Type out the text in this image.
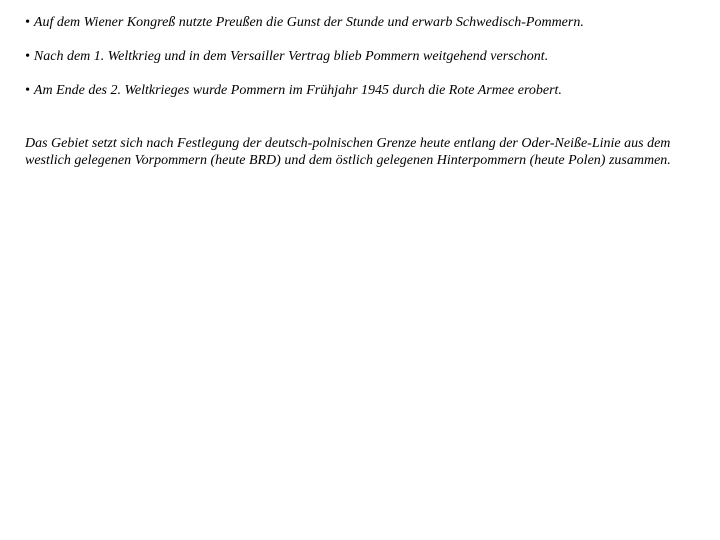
• Auf dem Wiener Kongreß nutzte Preußen die Gunst der Stunde und erwarb Schwedisch-Pommern.
• Nach dem 1. Weltkrieg und in dem Versailler Vertrag blieb Pommern weitgehend verschont.
• Am Ende des 2. Weltkrieges wurde Pommern im Frühjahr 1945 durch die Rote Armee erobert.

Das Gebiet setzt sich nach Festlegung der deutsch-polnischen Grenze heute entlang der Oder-Neiße-Linie aus dem westlich gelegenen Vorpommern (heute BRD) und dem östlich gelegenen Hinterpommern (heute Polen) zusammen.
